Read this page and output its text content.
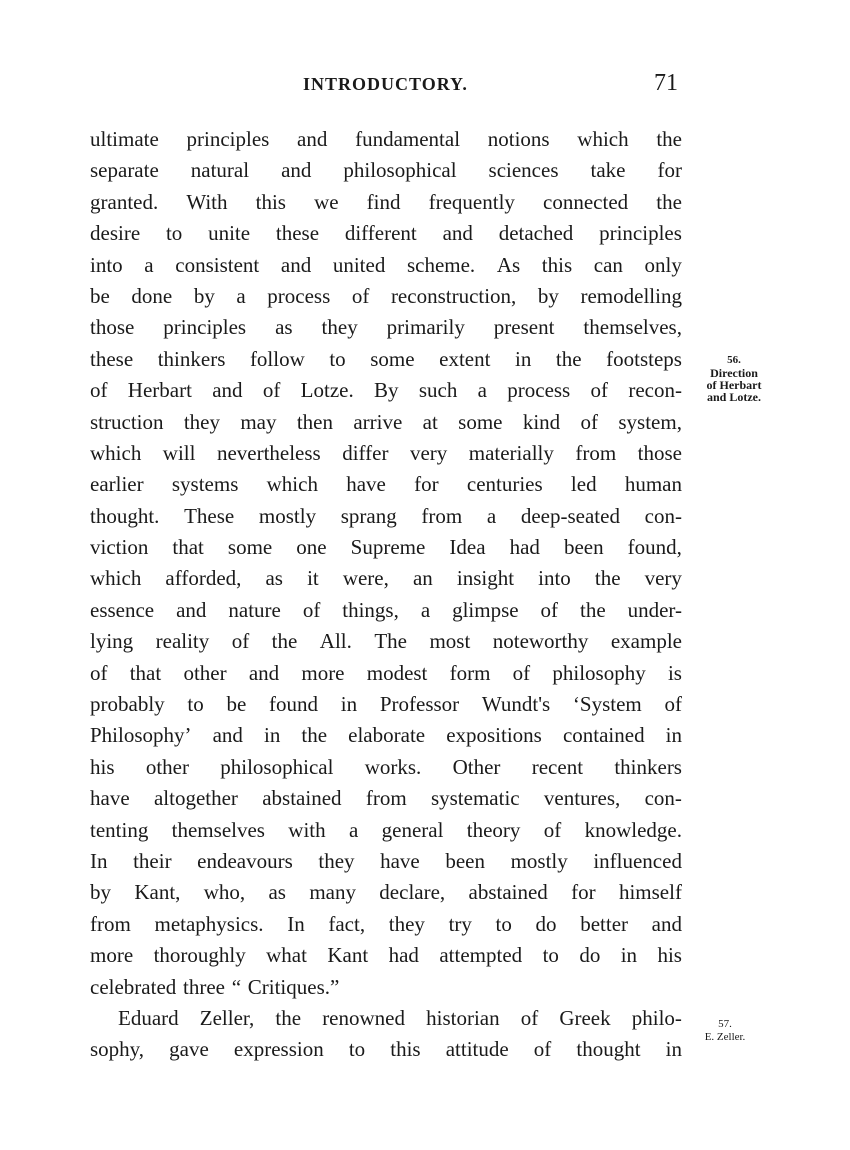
INTRODUCTORY.	71
ultimate principles and fundamental notions which the
separate natural and philosophical sciences take for
granted. With this we find frequently connected the
desire to unite these different and detached principles
into a consistent and united scheme. As this can only
be done by a process of reconstruction, by remodelling
those principles as they primarily present themselves,
these thinkers follow to some extent in the footsteps
of Herbart and of Lotze. By such a process of recon-
struction they may then arrive at some kind of system,
which will nevertheless differ very materially from those
earlier systems which have for centuries led human
thought. These mostly sprang from a deep-seated con-
viction that some one Supreme Idea had been found,
which afforded, as it were, an insight into the very
essence and nature of things, a glimpse of the under-
lying reality of the All. The most noteworthy example
of that other and more modest form of philosophy is
probably to be found in Professor Wundt's ‘System of
Philosophy’ and in the elaborate expositions contained in
his other philosophical works. Other recent thinkers
have altogether abstained from systematic ventures, con-
tenting themselves with a general theory of knowledge.
In their endeavours they have been mostly influenced
by Kant, who, as many declare, abstained for himself
from metaphysics. In fact, they try to do better and
more thoroughly what Kant had attempted to do in his
celebrated three “ Critiques.”
Eduard Zeller, the renowned historian of Greek philo-
sophy, gave expression to this attitude of thought in
56.
Direction
of Herbart
and Lotze.
57.
E. Zeller.
